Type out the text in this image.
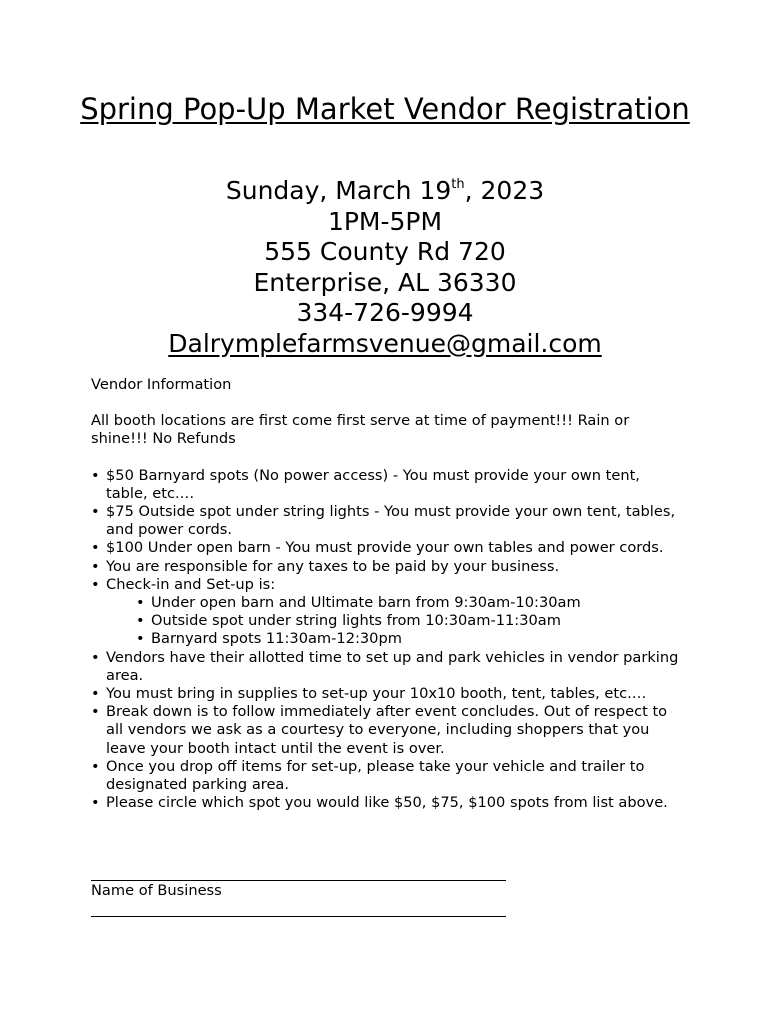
Spring Pop-Up Market Vendor Registration
Sunday, March 19th, 2023
1PM-5PM
555 County Rd 720
Enterprise, AL 36330
334-726-9994
Dalrymplefarmsvenue@gmail.com

Vendor Information

All booth locations are first come first serve at time of payment!!! Rain or shine!!! No Refunds

• $50 Barnyard spots (No power access) - You must provide your own tent, table, etc.…
• $75 Outside spot under string lights - You must provide your own tent, tables, and power cords.
• $100 Under open barn - You must provide your own tables and power cords.
• You are responsible for any taxes to be paid by your business.
• Check-in and Set-up is:
• Under open barn and Ultimate barn from 9:30am-10:30am
• Outside spot under string lights from 10:30am-11:30am
• Barnyard spots 11:30am-12:30pm
• Vendors have their allotted time to set up and park vehicles in vendor parking area.
• You must bring in supplies to set-up your 10x10 booth, tent, tables, etc.…
• Break down is to follow immediately after event concludes. Out of respect to all vendors we ask as a courtesy to everyone, including shoppers that you leave your booth intact until the event is over.
• Once you drop off items for set-up, please take your vehicle and trailer to designated parking area.
• Please circle which spot you would like $50, $75, $100 spots from list above.
Name of Business
